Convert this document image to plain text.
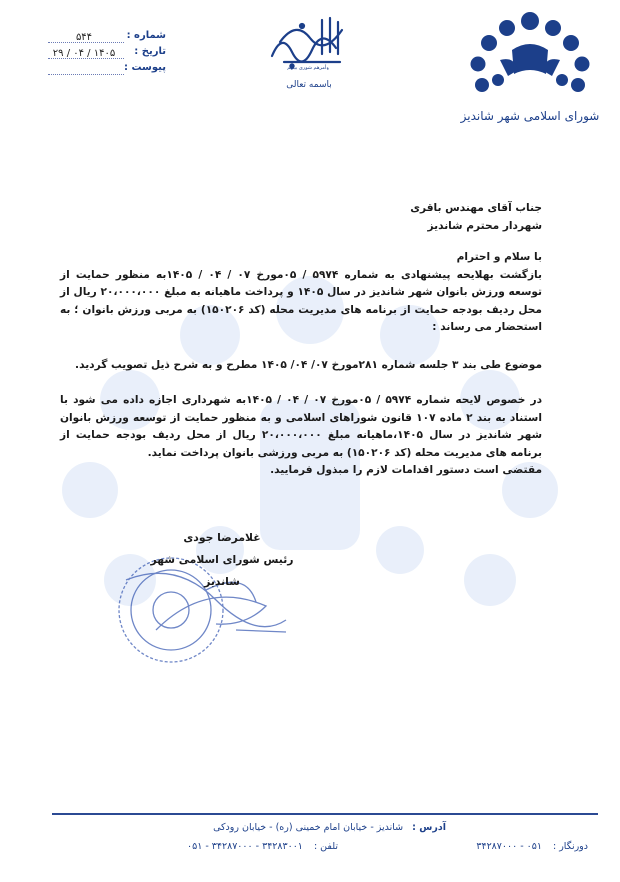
شورای اسلامی شهر شاندیز
وأمرهم شوری بینهم
باسمه تعالی
شماره :
۵۴۴
تاریخ :
۱۴۰۵ / ۰۴ / ۲۹
پیوست :

جناب آقای مهندس باقری

شهردار محترم شاندیز

با سلام و احترام

بازگشت بهلایحه پیشنهادی به شماره ۵۹۷۴ / ۰۵مورخ ۰۷ / ۰۴ / ۱۴۰۵به منظور حمایت از توسعه ورزش بانوان شهر شاندیز در سال ۱۴۰۵ و پرداخت ماهیانه به مبلغ ۲۰،۰۰۰،۰۰۰ ریال از محل ردیف بودجه حمایت از برنامه های مدیریت محله (کد ۱۵۰۲۰۶) به مربی ورزش بانوان ؛ به استحضار می رساند :

موضوع طی بند ۳ جلسه شماره ۲۸۱مورخ ۰۷/ ۰۴/ ۱۴۰۵ مطرح و به شرح ذیل تصویب گردید.

در خصوص لایحه شماره ۵۹۷۴ / ۰۵مورخ ۰۷ / ۰۴ / ۱۴۰۵به شهرداری اجازه داده می شود با استناد به بند ۲ ماده ۱۰۷ قانون شوراهای اسلامی و به منظور حمایت از توسعه ورزش بانوان شهر شاندیز در سال ۱۴۰۵،ماهیانه مبلغ ۲۰،۰۰۰،۰۰۰ ریال از محل ردیف بودجه حمایت از برنامه های مدیریت محله (کد ۱۵۰۲۰۶) به مربی ورزشی بانوان پرداخت نماید.

مقتضی است دستور اقدامات لازم را مبذول فرمایید.

غلامرضا جودی
رئیس شورای اسلامی شهر شاندیز
آدرس : شاندیز - خیابان امام خمینی (ره) - خیابان رودکی
دورنگار : ۰۵۱ - ۳۴۲۸۷۰۰۰
تلفن : ۳۴۲۸۳۰۰۱ - ۳۴۲۸۷۰۰۰ - ۰۵۱
